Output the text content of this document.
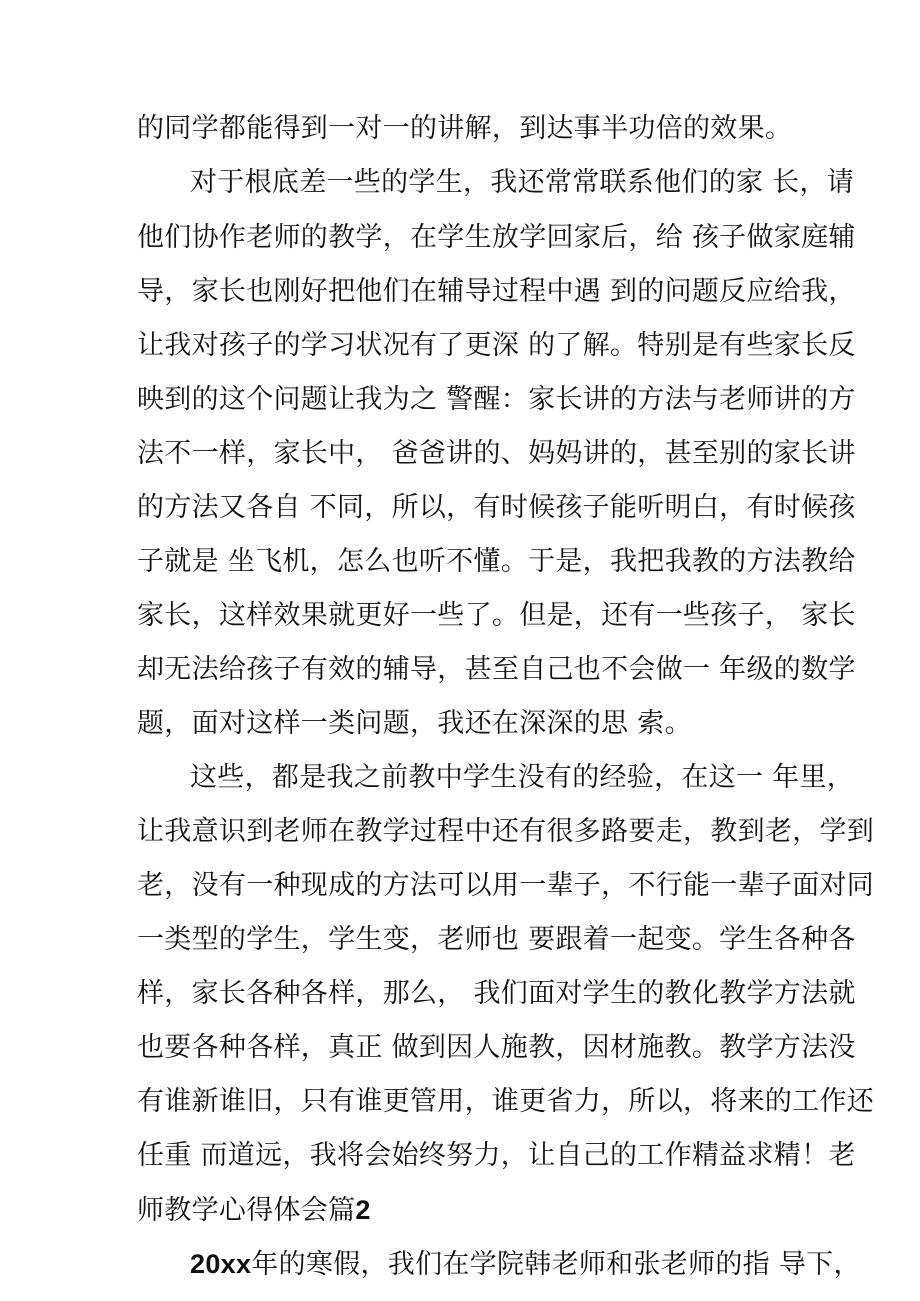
的同学都能得到一对一的讲解，到达事半功倍的效果。
对于根底差一些的学生，我还常常联系他们的家 长，请
他们协作老师的教学，在学生放学回家后，给 孩子做家庭辅
导，家长也刚好把他们在辅导过程中遇 到的问题反应给我，
让我对孩子的学习状况有了更深 的了解。特别是有些家长反
映到的这个问题让我为之 警醒：家长讲的方法与老师讲的方
法不一样，家长中， 爸爸讲的、妈妈讲的，甚至别的家长讲
的方法又各自 不同，所以，有时候孩子能听明白，有时候孩
子就是 坐飞机，怎么也听不懂。于是，我把我教的方法教给
家长，这样效果就更好一些了。但是，还有一些孩子， 家长
却无法给孩子有效的辅导，甚至自己也不会做一 年级的数学
题，面对这样一类问题，我还在深深的思 索。
这些，都是我之前教中学生没有的经验，在这一 年里，
让我意识到老师在教学过程中还有很多路要走，教到老，学到
老，没有一种现成的方法可以用一辈子，不行能一辈子面对同
一类型的学生，学生变，老师也 要跟着一起变。学生各种各
样，家长各种各样，那么， 我们面对学生的教化教学方法就
也要各种各样，真正 做到因人施教，因材施教。教学方法没
有谁新谁旧，只有谁更管用，谁更省力，所以，将来的工作还
任重 而道远，我将会始终努力，让自己的工作精益求精！老
师教学心得体会篇2
20xx年的寒假，我们在学院韩老师和张老师的指 导下，
